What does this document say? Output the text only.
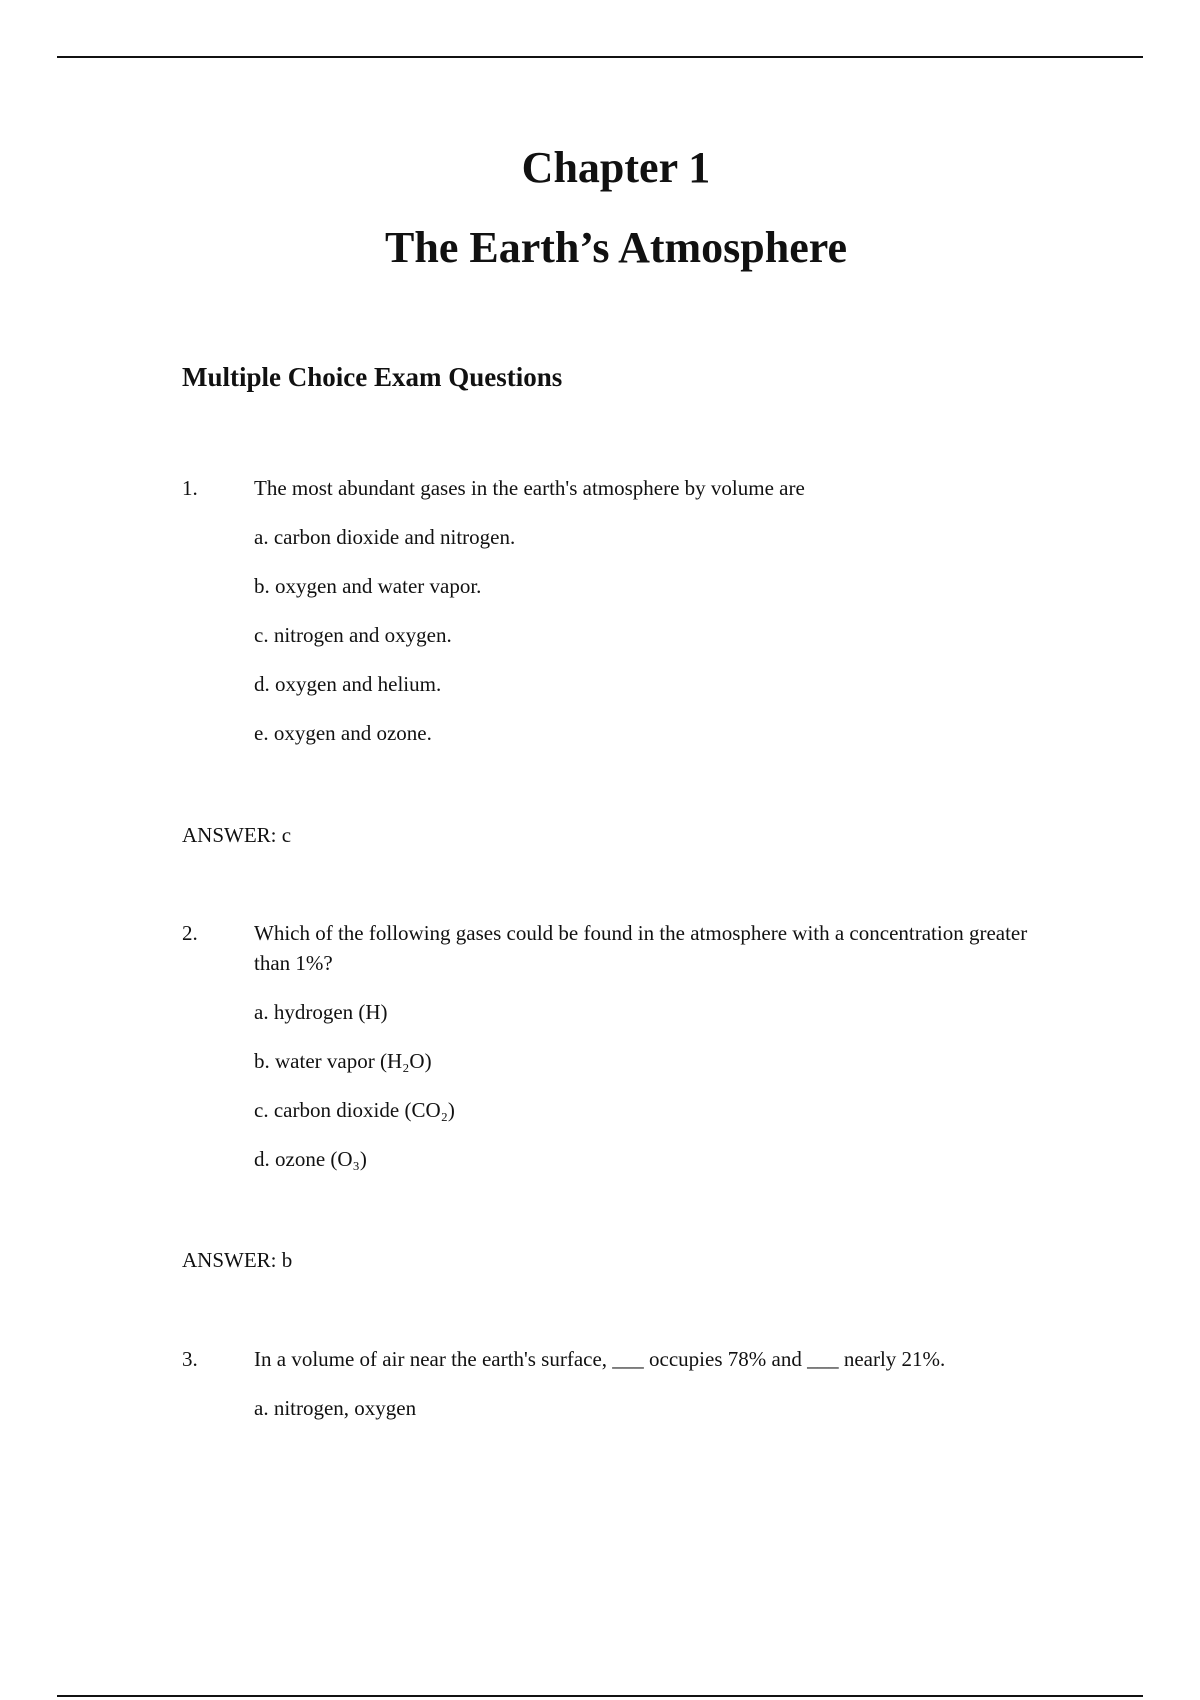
Chapter 1
The Earth’s Atmosphere
Multiple Choice Exam Questions
1.	The most abundant gases in the earth's atmosphere by volume are
a. carbon dioxide and nitrogen.
b. oxygen and water vapor.
c. nitrogen and oxygen.
d. oxygen and helium.
e. oxygen and ozone.
ANSWER: c
2.	Which of the following gases could be found in the atmosphere with a concentration greater than 1%?
a. hydrogen (H)
b. water vapor (H₂O)
c. carbon dioxide (CO₂)
d. ozone (O₃)
ANSWER: b
3.	In a volume of air near the earth's surface, ___ occupies 78% and ___ nearly 21%.
a. nitrogen, oxygen
